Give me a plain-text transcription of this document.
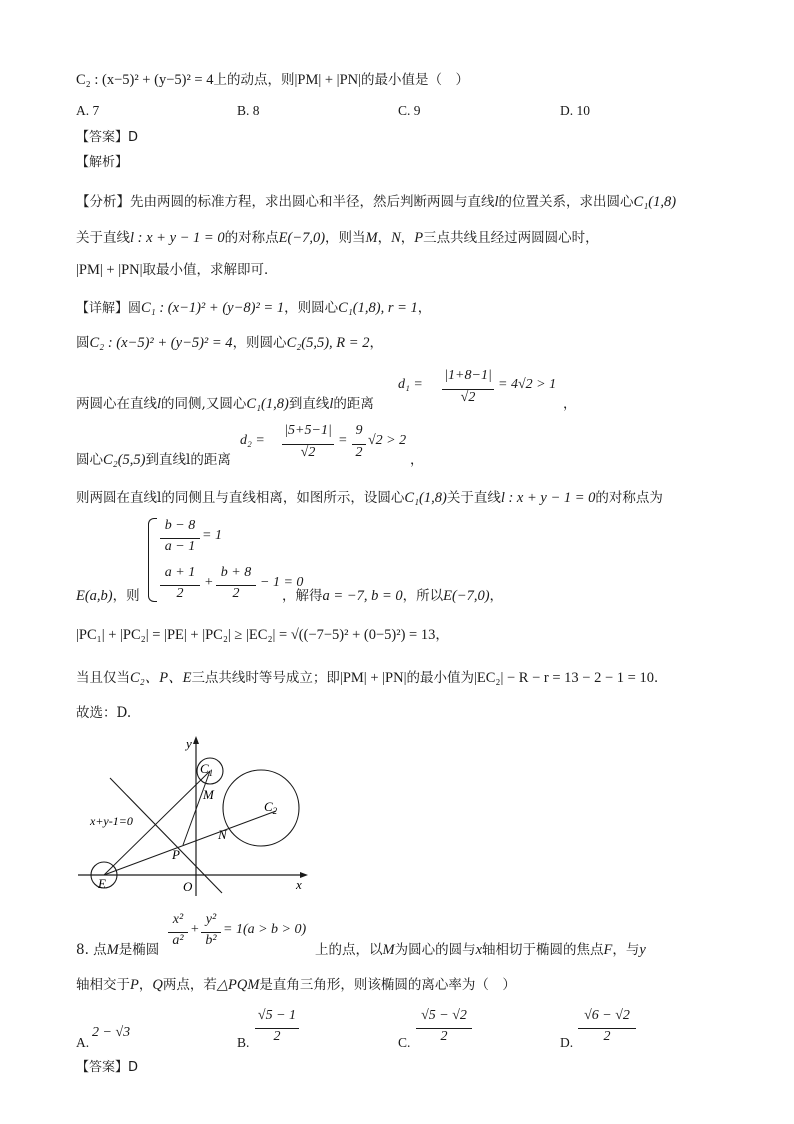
C₂ : (x−5)² + (y−5)² = 4上的动点，则|PM| + |PN|的最小值是（　）
A. 7	B. 8	C. 9	D. 10
【答案】D
【解析】
【分析】先由两圆的标准方程，求出圆心和半径，然后判断两圆与直线l的位置关系，求出圆心C₁(1,8)
关于直线l : x + y − 1 = 0的对称点E(−7,0)，则当M，N，P三点共线且经过两圆圆心时，
|PM| + |PN|取最小值，求解即可．
【详解】圆C₁ : (x−1)² + (y−8)² = 1，则圆心C₁(1,8), r = 1，
圆C₂ : (x−5)² + (y−5)² = 4，则圆心C₂(5,5), R = 2，
两圆心在直线l的同侧,又圆心C₁(1,8)到直线l的距离
d₁ =
|1+8−1|
√2
= 4√2 > 1
，
圆心C₂(5,5)到直线l的距离
d₂ =
|5+5−1|
√2
=
9
2
√2 > 2
，
则两圆在直线l的同侧且与直线相离，如图所示，设圆心C₁(1,8)关于直线l : x + y − 1 = 0的对称点为
b − 8
a − 1
= 1
a + 1
2
+
b + 8
2
− 1 = 0
E(a,b)，则	，解得a = −7, b = 0，所以E(−7,0)，
|PC₁| + |PC₂| = |PE| + |PC₂| ≥ |EC₂| = √((−7−5)² + (0−5)²) = 13，
当且仅当C₂、P、E三点共线时等号成立；即|PM| + |PN|的最小值为|EC₂| − R − r = 13 − 2 − 1 = 10．
故选：D.
y
x
O
x+y-1=0
$C_1$
$C_2$
M
N
P
E
8. 点M是椭圆
x²
a²
+
y²
b²
= 1(a > b > 0)
上的点，以M为圆心的圆与x轴相切于椭圆的焦点F，与y
轴相交于P，Q两点，若△PQM是直角三角形，则该椭圆的离心率为（　）
A.
2 − √3
B.
√5 − 1
2	C.
√5 − √2
2	D.
√6 − √2
2
【答案】D
